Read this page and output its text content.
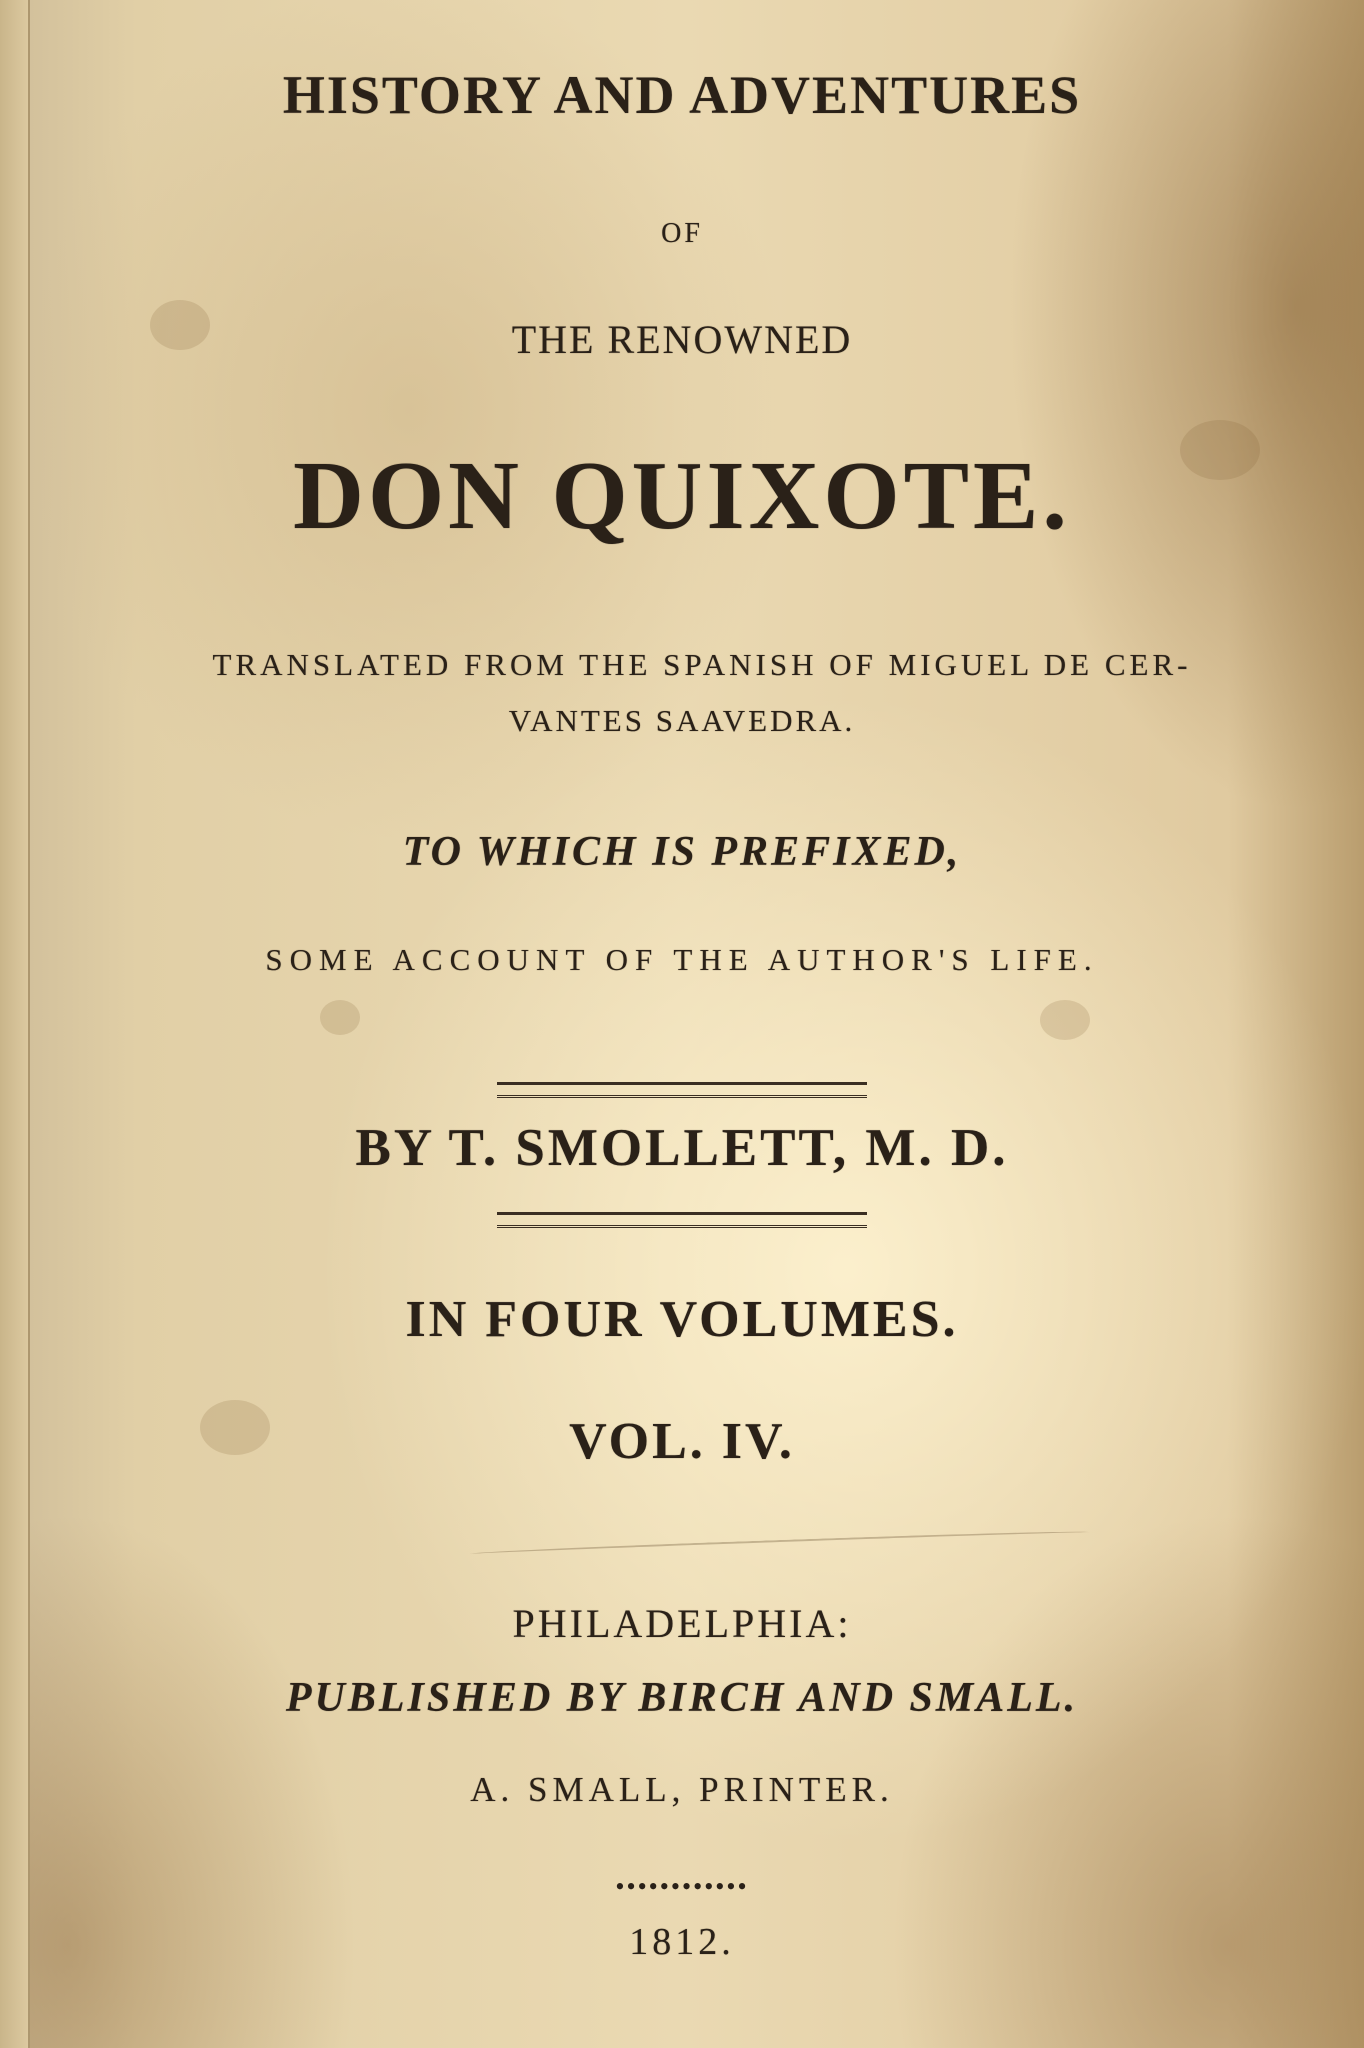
HISTORY AND ADVENTURES
OF
THE RENOWNED
DON QUIXOTE.
TRANSLATED FROM THE SPANISH OF MIGUEL DE CER-
VANTES SAAVEDRA.
TO WHICH IS PREFIXED,
SOME ACCOUNT OF THE AUTHOR'S LIFE.
BY T. SMOLLETT, M. D.
IN FOUR VOLUMES.
VOL. IV.
PHILADELPHIA:
PUBLISHED BY BIRCH AND SMALL.
A. SMALL, PRINTER.
••••••••••••
1812.
